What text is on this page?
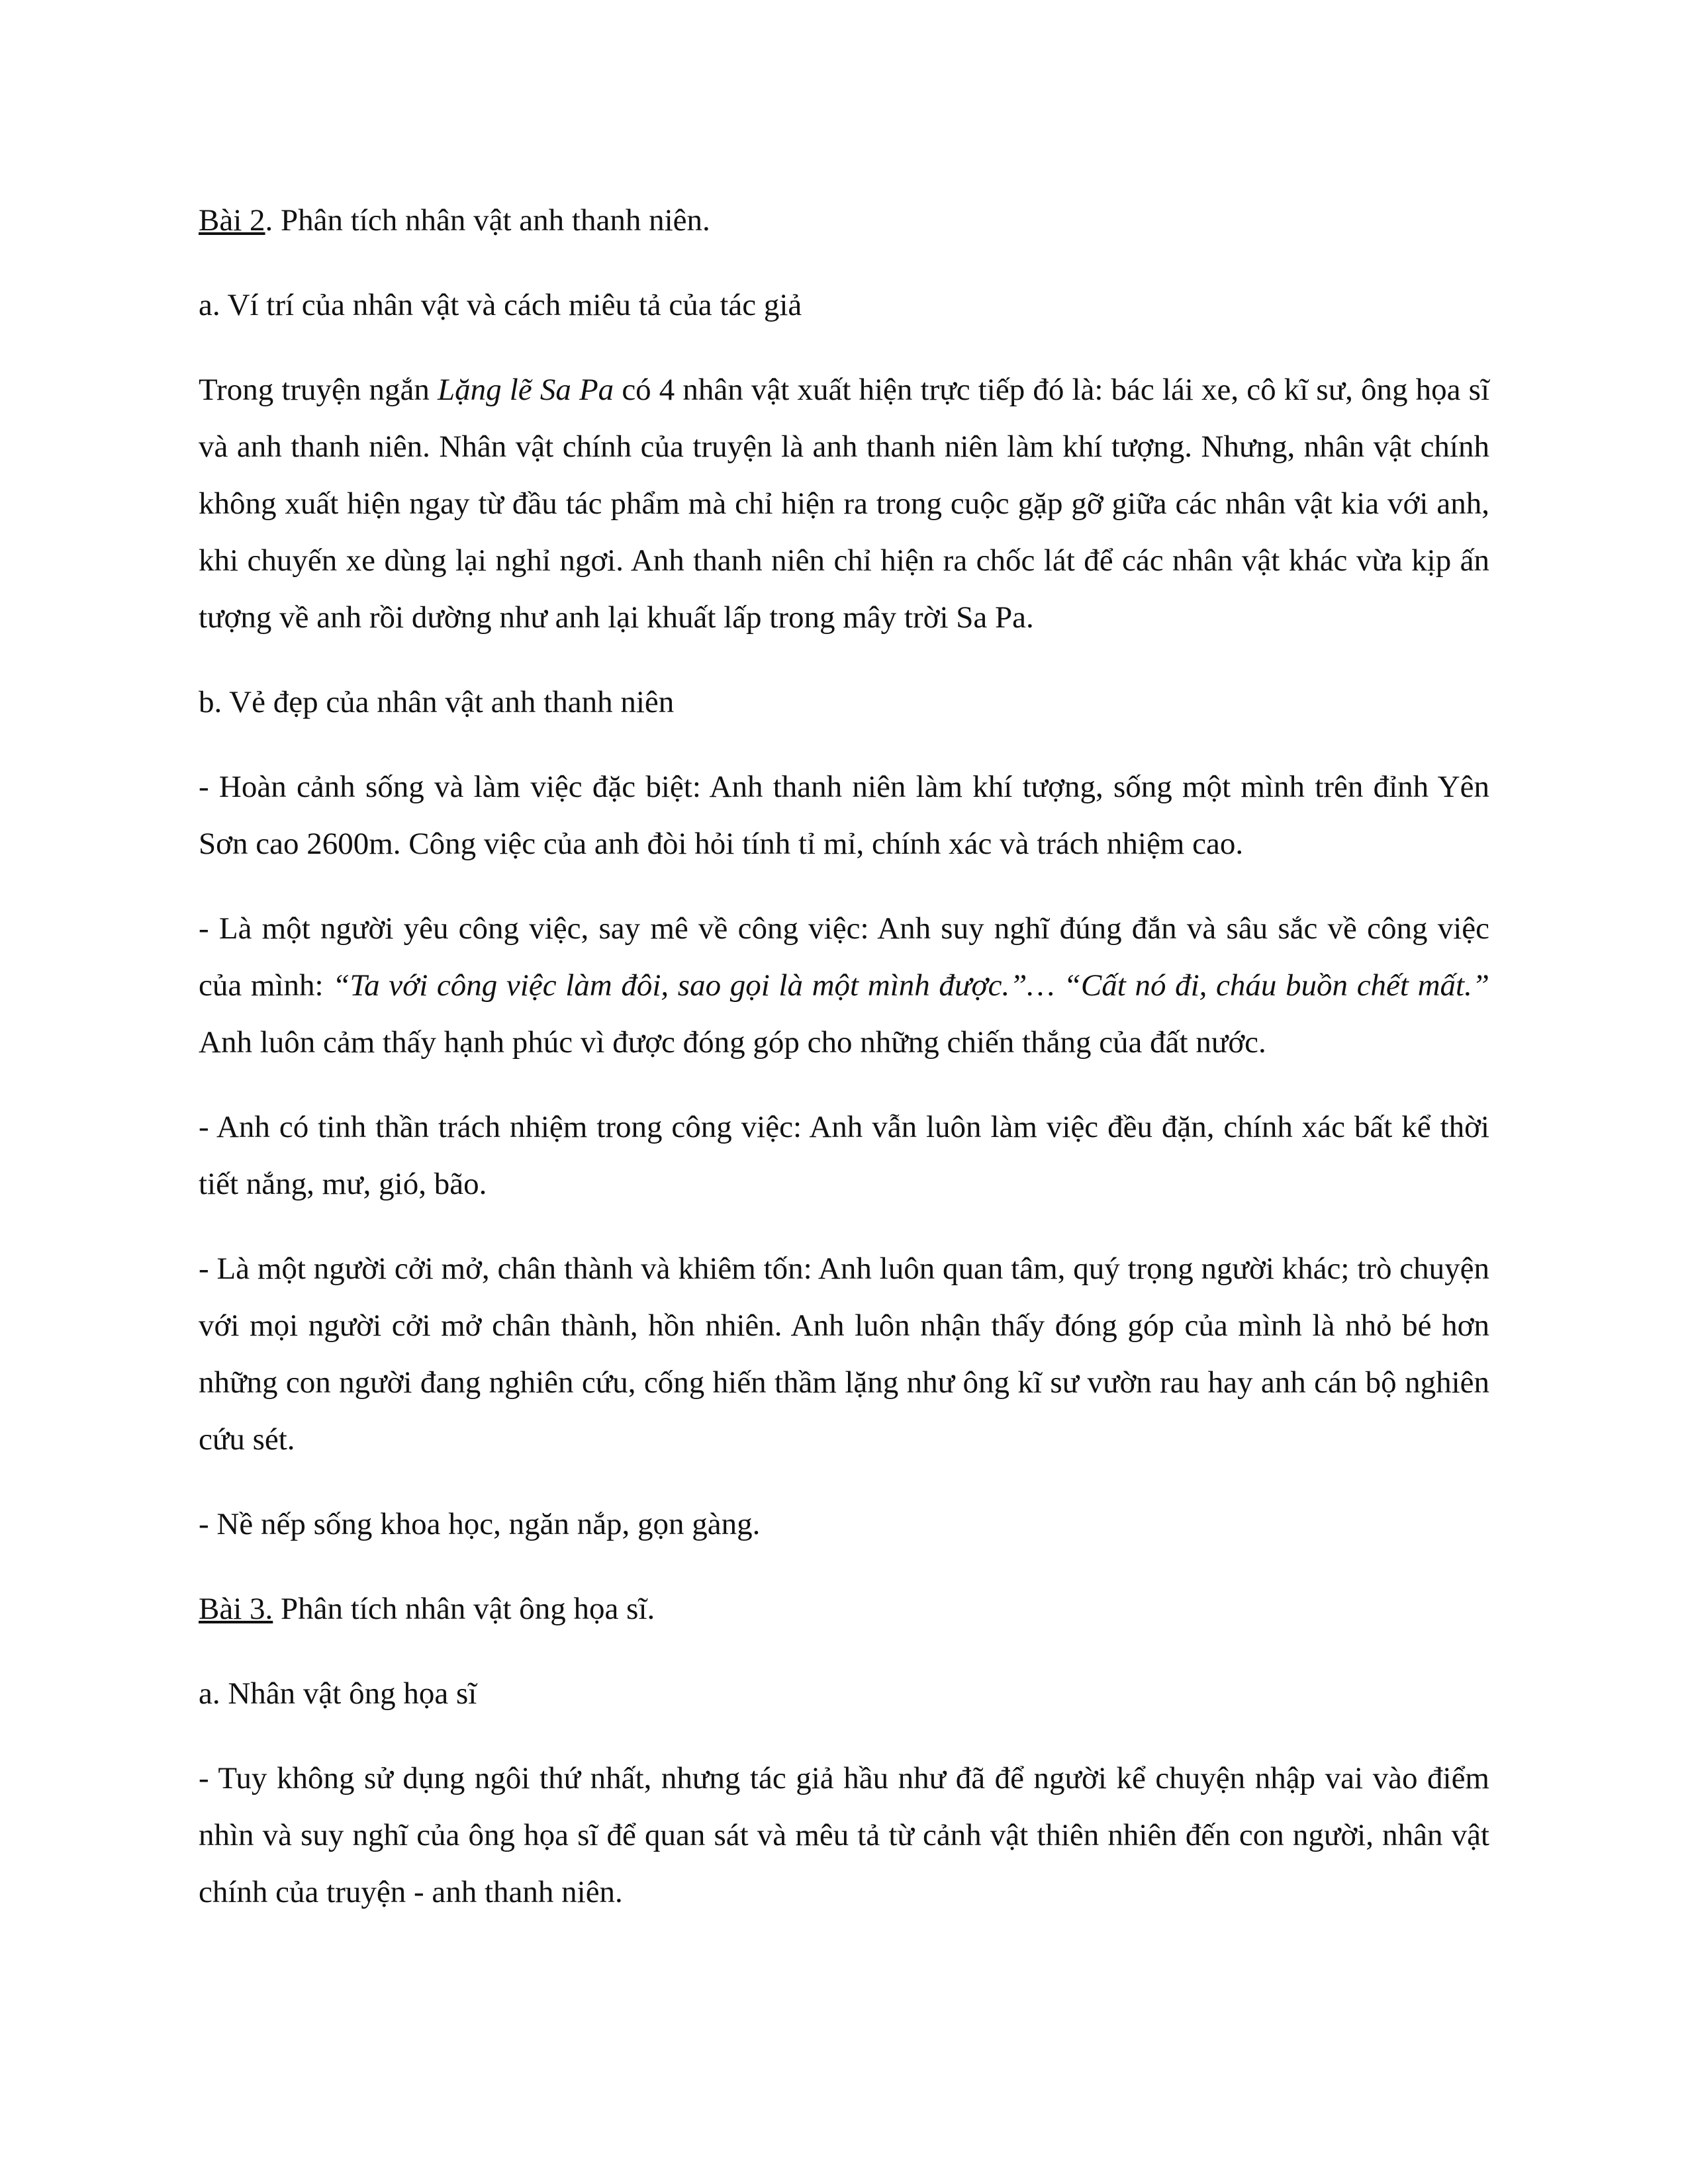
Bài 2. Phân tích nhân vật anh thanh niên.

a. Ví trí của nhân vật và cách miêu tả của tác giả

Trong truyện ngắn Lặng lẽ Sa Pa có 4 nhân vật xuất hiện trực tiếp đó là: bác lái xe, cô kĩ sư, ông họa sĩ và anh thanh niên. Nhân vật chính của truyện là anh thanh niên làm khí tượng. Nhưng, nhân vật chính không xuất hiện ngay từ đầu tác phẩm mà chỉ hiện ra trong cuộc gặp gỡ giữa các nhân vật kia với anh, khi chuyến xe dùng lại nghỉ ngơi. Anh thanh niên chỉ hiện ra chốc lát để các nhân vật khác vừa kịp ấn tượng về anh rồi dường như anh lại khuất lấp trong mây trời Sa Pa.

b. Vẻ đẹp của nhân vật anh thanh niên

- Hoàn cảnh sống và làm việc đặc biệt: Anh thanh niên làm khí tượng, sống một mình trên đỉnh Yên Sơn cao 2600m. Công việc của anh đòi hỏi tính tỉ mỉ, chính xác và trách nhiệm cao.

- Là một người yêu công việc, say mê về công việc: Anh suy nghĩ đúng đắn và sâu sắc về công việc của mình: “Ta với công việc làm đôi, sao gọi là một mình được.”… “Cất nó đi, cháu buồn chết mất.” Anh luôn cảm thấy hạnh phúc vì được đóng góp cho những chiến thắng của đất nước.

- Anh có tinh thần trách nhiệm trong công việc: Anh vẫn luôn làm việc đều đặn, chính xác bất kể thời tiết nắng, mư, gió, bão.

- Là một người cởi mở, chân thành và khiêm tốn: Anh luôn quan tâm, quý trọng người khác; trò chuyện với mọi người cởi mở chân thành, hồn nhiên. Anh luôn nhận thấy đóng góp của mình là nhỏ bé hơn những con người đang nghiên cứu, cống hiến thầm lặng như ông kĩ sư vườn rau hay anh cán bộ nghiên cứu sét.

- Nề nếp sống khoa học, ngăn nắp, gọn gàng.

Bài 3. Phân tích nhân vật ông họa sĩ.

a. Nhân vật ông họa sĩ

- Tuy không sử dụng ngôi thứ nhất, nhưng tác giả hầu như đã để người kể chuyện nhập vai vào điểm nhìn và suy nghĩ của ông họa sĩ để quan sát và mêu tả từ cảnh vật thiên nhiên đến con người, nhân vật chính của truyện - anh thanh niên.
